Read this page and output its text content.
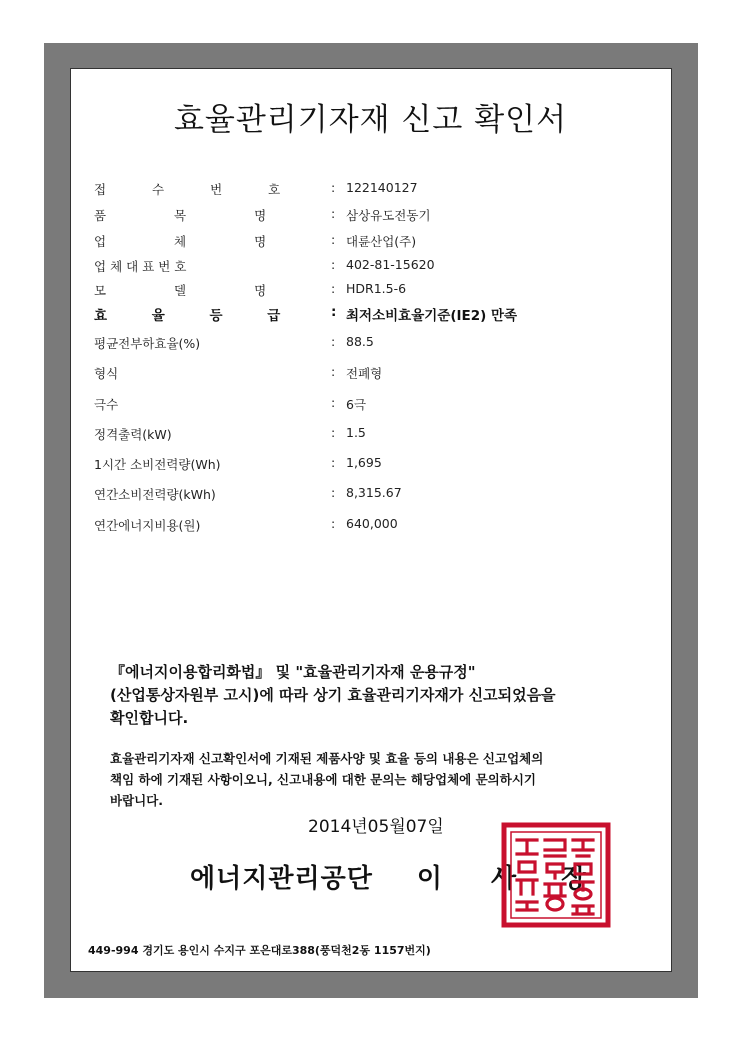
효율관리기자재 신고 확인서
접 수 번 호 : 122140127
품 목 명	: 삼상유도전동기
업 체 명	: 대륜산업(주)
업체대표번호	: 402-81-15620
모 델 명	: HDR1.5-6
효 율 등 급 : 최저소비효율기준(IE2) 만족
평균전부하효율(%)	: 88.5
형식	: 전폐형
극수	: 6극
정격출력(kW)	: 1.5
1시간 소비전력량(Wh)	: 1,695
연간소비전력량(kWh)	: 8,315.67
연간에너지비용(원)	: 640,000
『에너지이용합리화법』 및 "효율관리기자재 운용규정"
(산업통상자원부 고시)에 따라 상기 효율관리기자재가 신고되었음을
확인합니다.
효율관리기자재 신고확인서에 기재된 제품사양 및 효율 등의 내용은 신고업체의
책임 하에 기재된 사항이오니, 신고내용에 대한 문의는 해당업체에 문의하시기
바랍니다.
2014년05월07일
에너지관리공단 이 사 장
449-994 경기도 용인시 수지구 포은대로388(풍덕천2동 1157번지)
